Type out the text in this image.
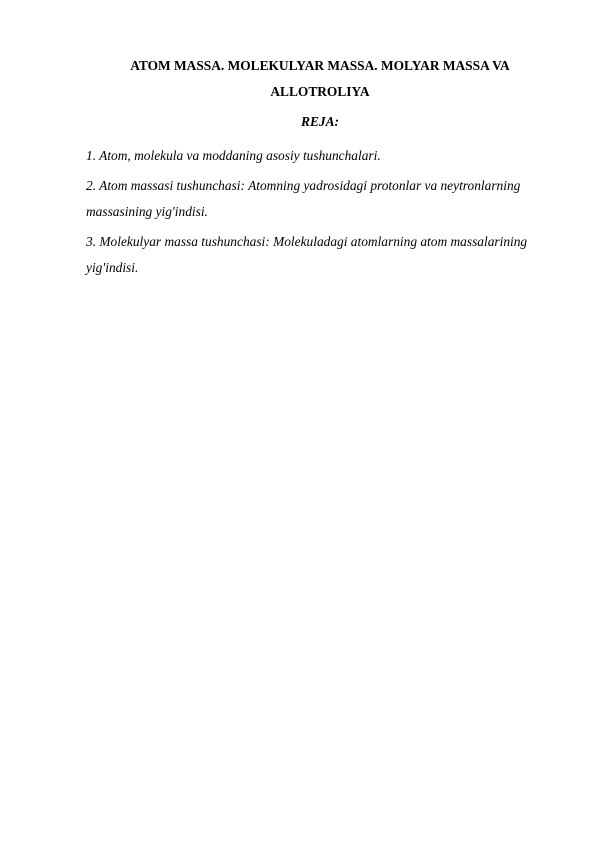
ATOM MASSA. MOLEKULYAR MASSA. MOLYAR MASSA VA
ALLOTROLIYA
REJA:
1. Atom, molekula va moddaning asosiy tushunchalari.
2. Atom massasi tushunchasi: Atomning yadrosidagi protonlar va neytronlarning massasining yig'indisi.
3. Molekulyar massa tushunchasi: Molekuladagi atomlarning atom massalarining yig'indisi.
